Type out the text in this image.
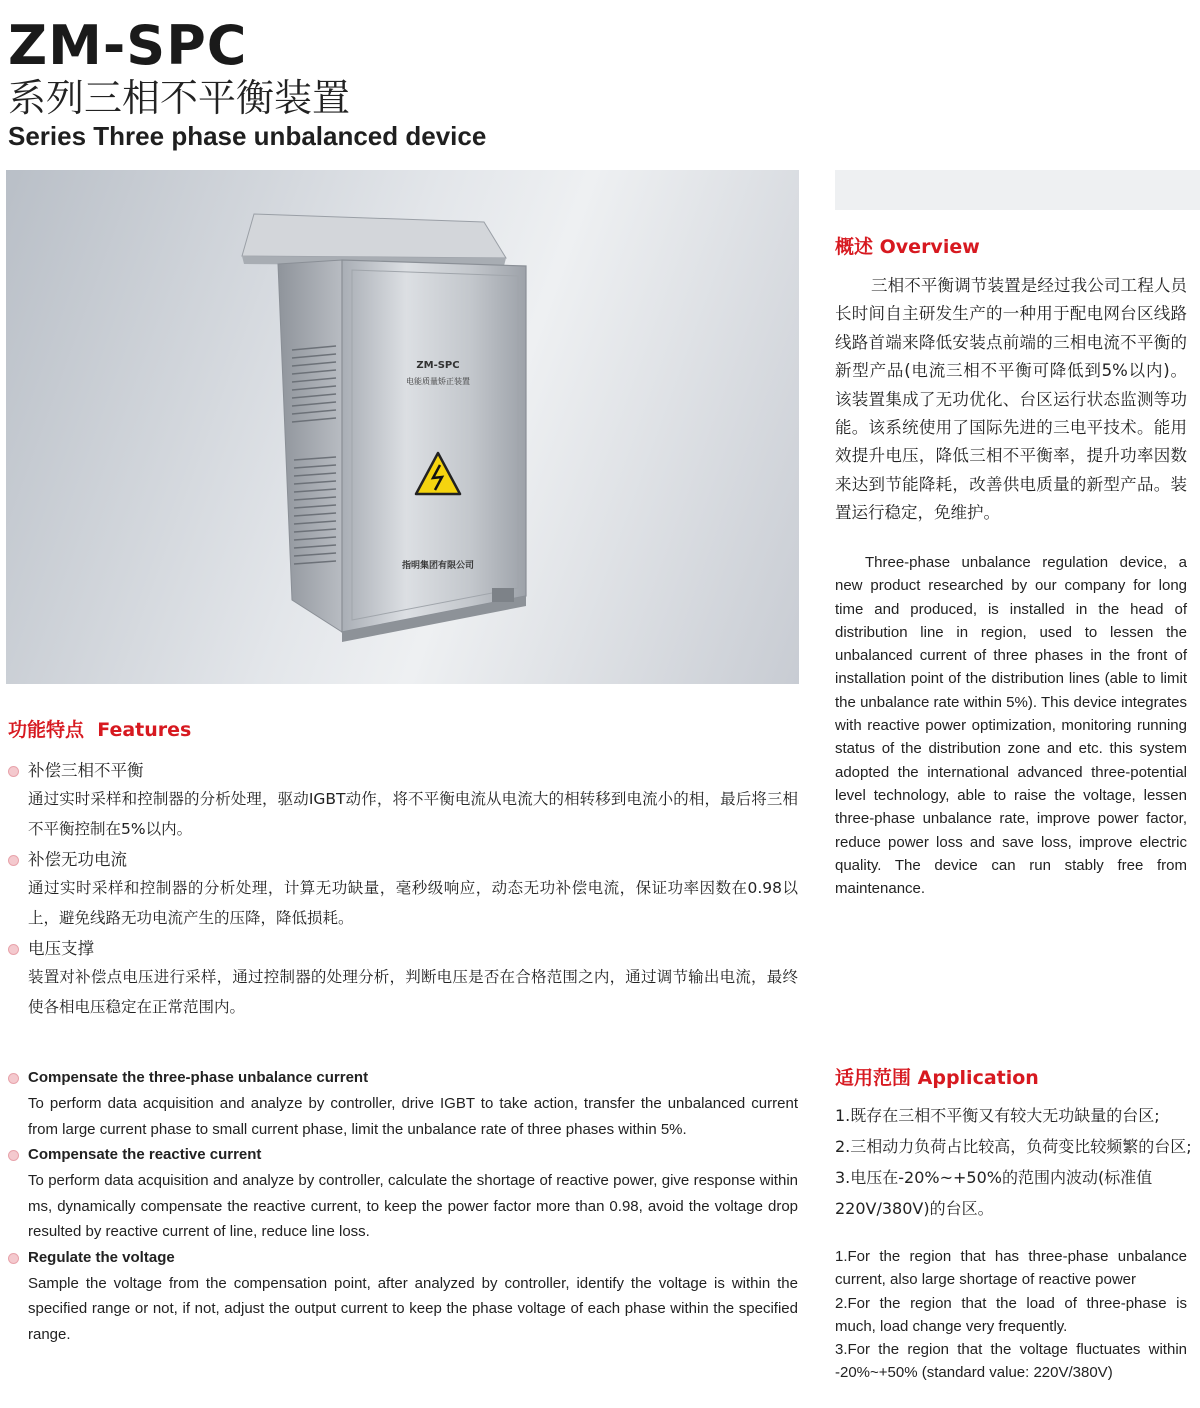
ZM-SPC
系列三相不平衡装置
Series Three phase unbalanced device
ZM-SPC
电能质量矫正装置
指明集团有限公司
概述 Overview
三相不平衡调节装置是经过我公司工程人员长时间自主研发生产的一种用于配电网台区线路线路首端来降低安装点前端的三相电流不平衡的新型产品(电流三相不平衡可降低到5%以内)。该装置集成了无功优化、台区运行状态监测等功能。该系统使用了国际先进的三电平技术。能用效提升电压，降低三相不平衡率，提升功率因数来达到节能降耗，改善供电质量的新型产品。装置运行稳定，免维护。
Three-phase unbalance regulation device, a new product researched by our company for long time and produced, is installed in the head of distribution line in region, used to lessen the unbalanced current of three phases in the front of installation point of the distribution lines (able to limit the unbalance rate within 5%). This device integrates with reactive power optimization, monitoring running status of the distribution zone and etc. this system adopted the international advanced three-potential level technology, able to raise the voltage, lessen three-phase unbalance rate, improve power factor, reduce power loss and save loss, improve electric quality. The device can run stably free from maintenance.
功能特点 Features
补偿三相不平衡
通过实时采样和控制器的分析处理，驱动IGBT动作，将不平衡电流从电流大的相转移到电流小的相，最后将三相不平衡控制在5%以内。
补偿无功电流
通过实时采样和控制器的分析处理，计算无功缺量，毫秒级响应，动态无功补偿电流，保证功率因数在0.98以上，避免线路无功电流产生的压降，降低损耗。
电压支撑
装置对补偿点电压进行采样，通过控制器的处理分析，判断电压是否在合格范围之内，通过调节输出电流，最终使各相电压稳定在正常范围内。
Compensate the three-phase unbalance current
To perform data acquisition and analyze by controller, drive IGBT to take action, transfer the unbalanced current from large current phase to small current phase, limit the unbalance rate of three phases within 5%.
Compensate the reactive current
To perform data acquisition and analyze by controller, calculate the shortage of reactive power, give response within ms, dynamically compensate the reactive current, to keep the power factor more than 0.98, avoid the voltage drop resulted by reactive current of line, reduce line loss.
Regulate the voltage
Sample the voltage from the compensation point, after analyzed by controller, identify the voltage is within the specified range or not, if not, adjust the output current to keep the phase voltage of each phase within the specified range.
适用范围 Application
1.既存在三相不平衡又有较大无功缺量的台区;
2.三相动力负荷占比较高，负荷变比较频繁的台区;
3.电压在-20%~+50%的范围内波动(标准值220V/380V)的台区。
1.For the region that has three-phase unbalance current, also large shortage of reactive power
2.For the region that the load of three-phase is much, load change very frequently.
3.For the region that the voltage fluctuates within -20%~+50% (standard value: 220V/380V)
